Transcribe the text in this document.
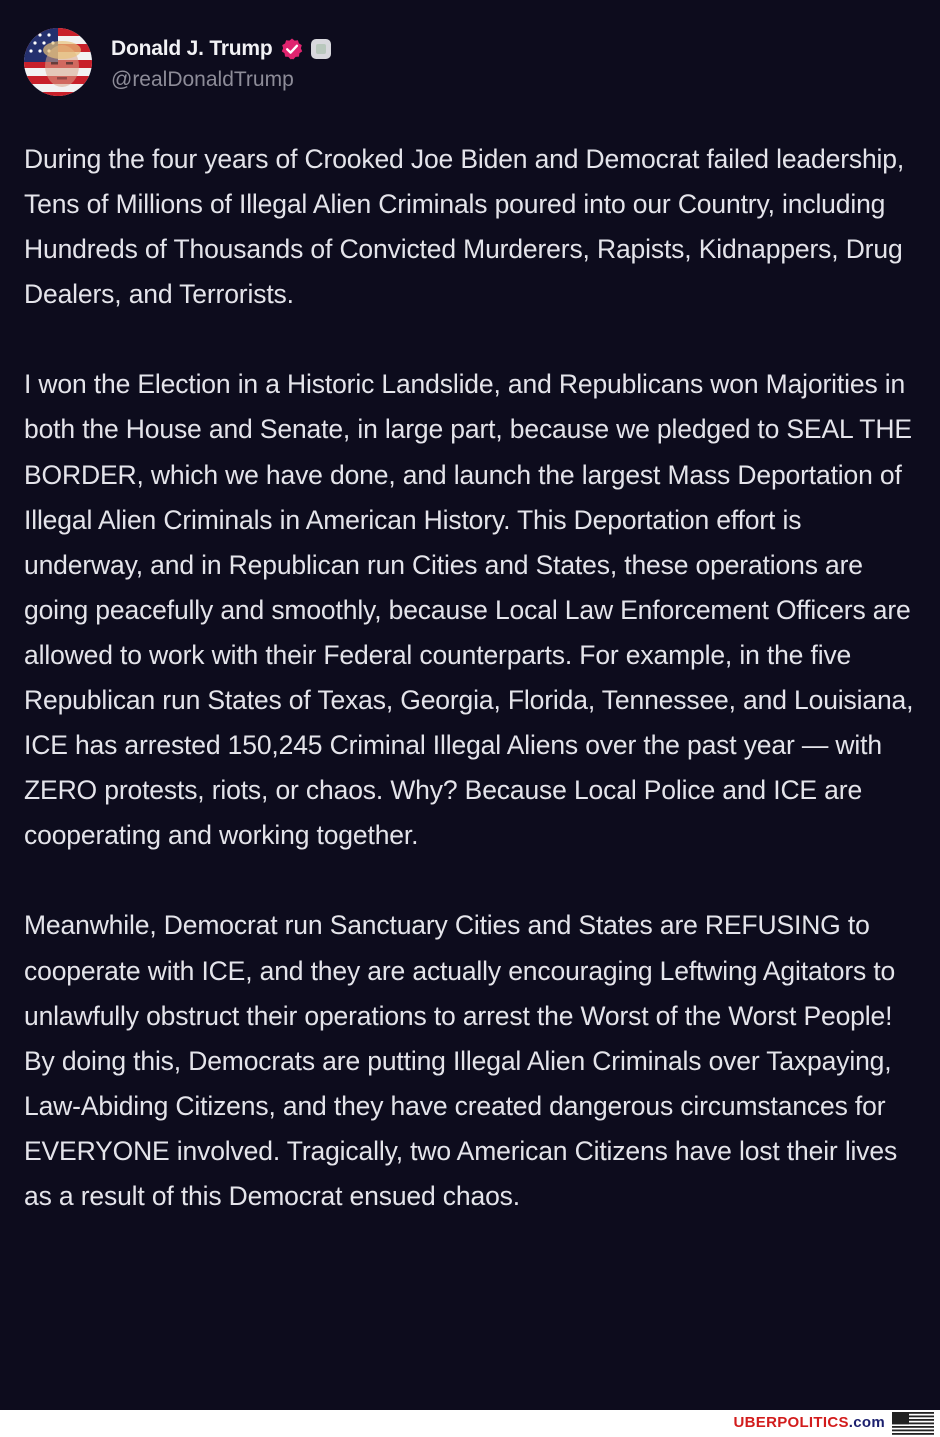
Donald J. Trump
@realDonaldTrump

During the four years of Crooked Joe Biden and Democrat failed leadership, Tens of Millions of Illegal Alien Criminals poured into our Country, including Hundreds of Thousands of Convicted Murderers, Rapists, Kidnappers, Drug Dealers, and Terrorists.

I won the Election in a Historic Landslide, and Republicans won Majorities in both the House and Senate, in large part, because we pledged to SEAL THE BORDER, which we have done, and launch the largest Mass Deportation of Illegal Alien Criminals in American History. This Deportation effort is underway, and in Republican run Cities and States, these operations are going peacefully and smoothly, because Local Law Enforcement Officers are allowed to work with their Federal counterparts. For example, in the five Republican run States of Texas, Georgia, Florida, Tennessee, and Louisiana, ICE has arrested 150,245 Criminal Illegal Aliens over the past year — with ZERO protests, riots, or chaos. Why? Because Local Police and ICE are cooperating and working together.

Meanwhile, Democrat run Sanctuary Cities and States are REFUSING to cooperate with ICE, and they are actually encouraging Leftwing Agitators to unlawfully obstruct their operations to arrest the Worst of the Worst People! By doing this, Democrats are putting Illegal Alien Criminals over Taxpaying, Law-Abiding Citizens, and they have created dangerous circumstances for EVERYONE involved. Tragically, two American Citizens have lost their lives as a result of this Democrat ensued chaos.

UBERPOLITICS.com
